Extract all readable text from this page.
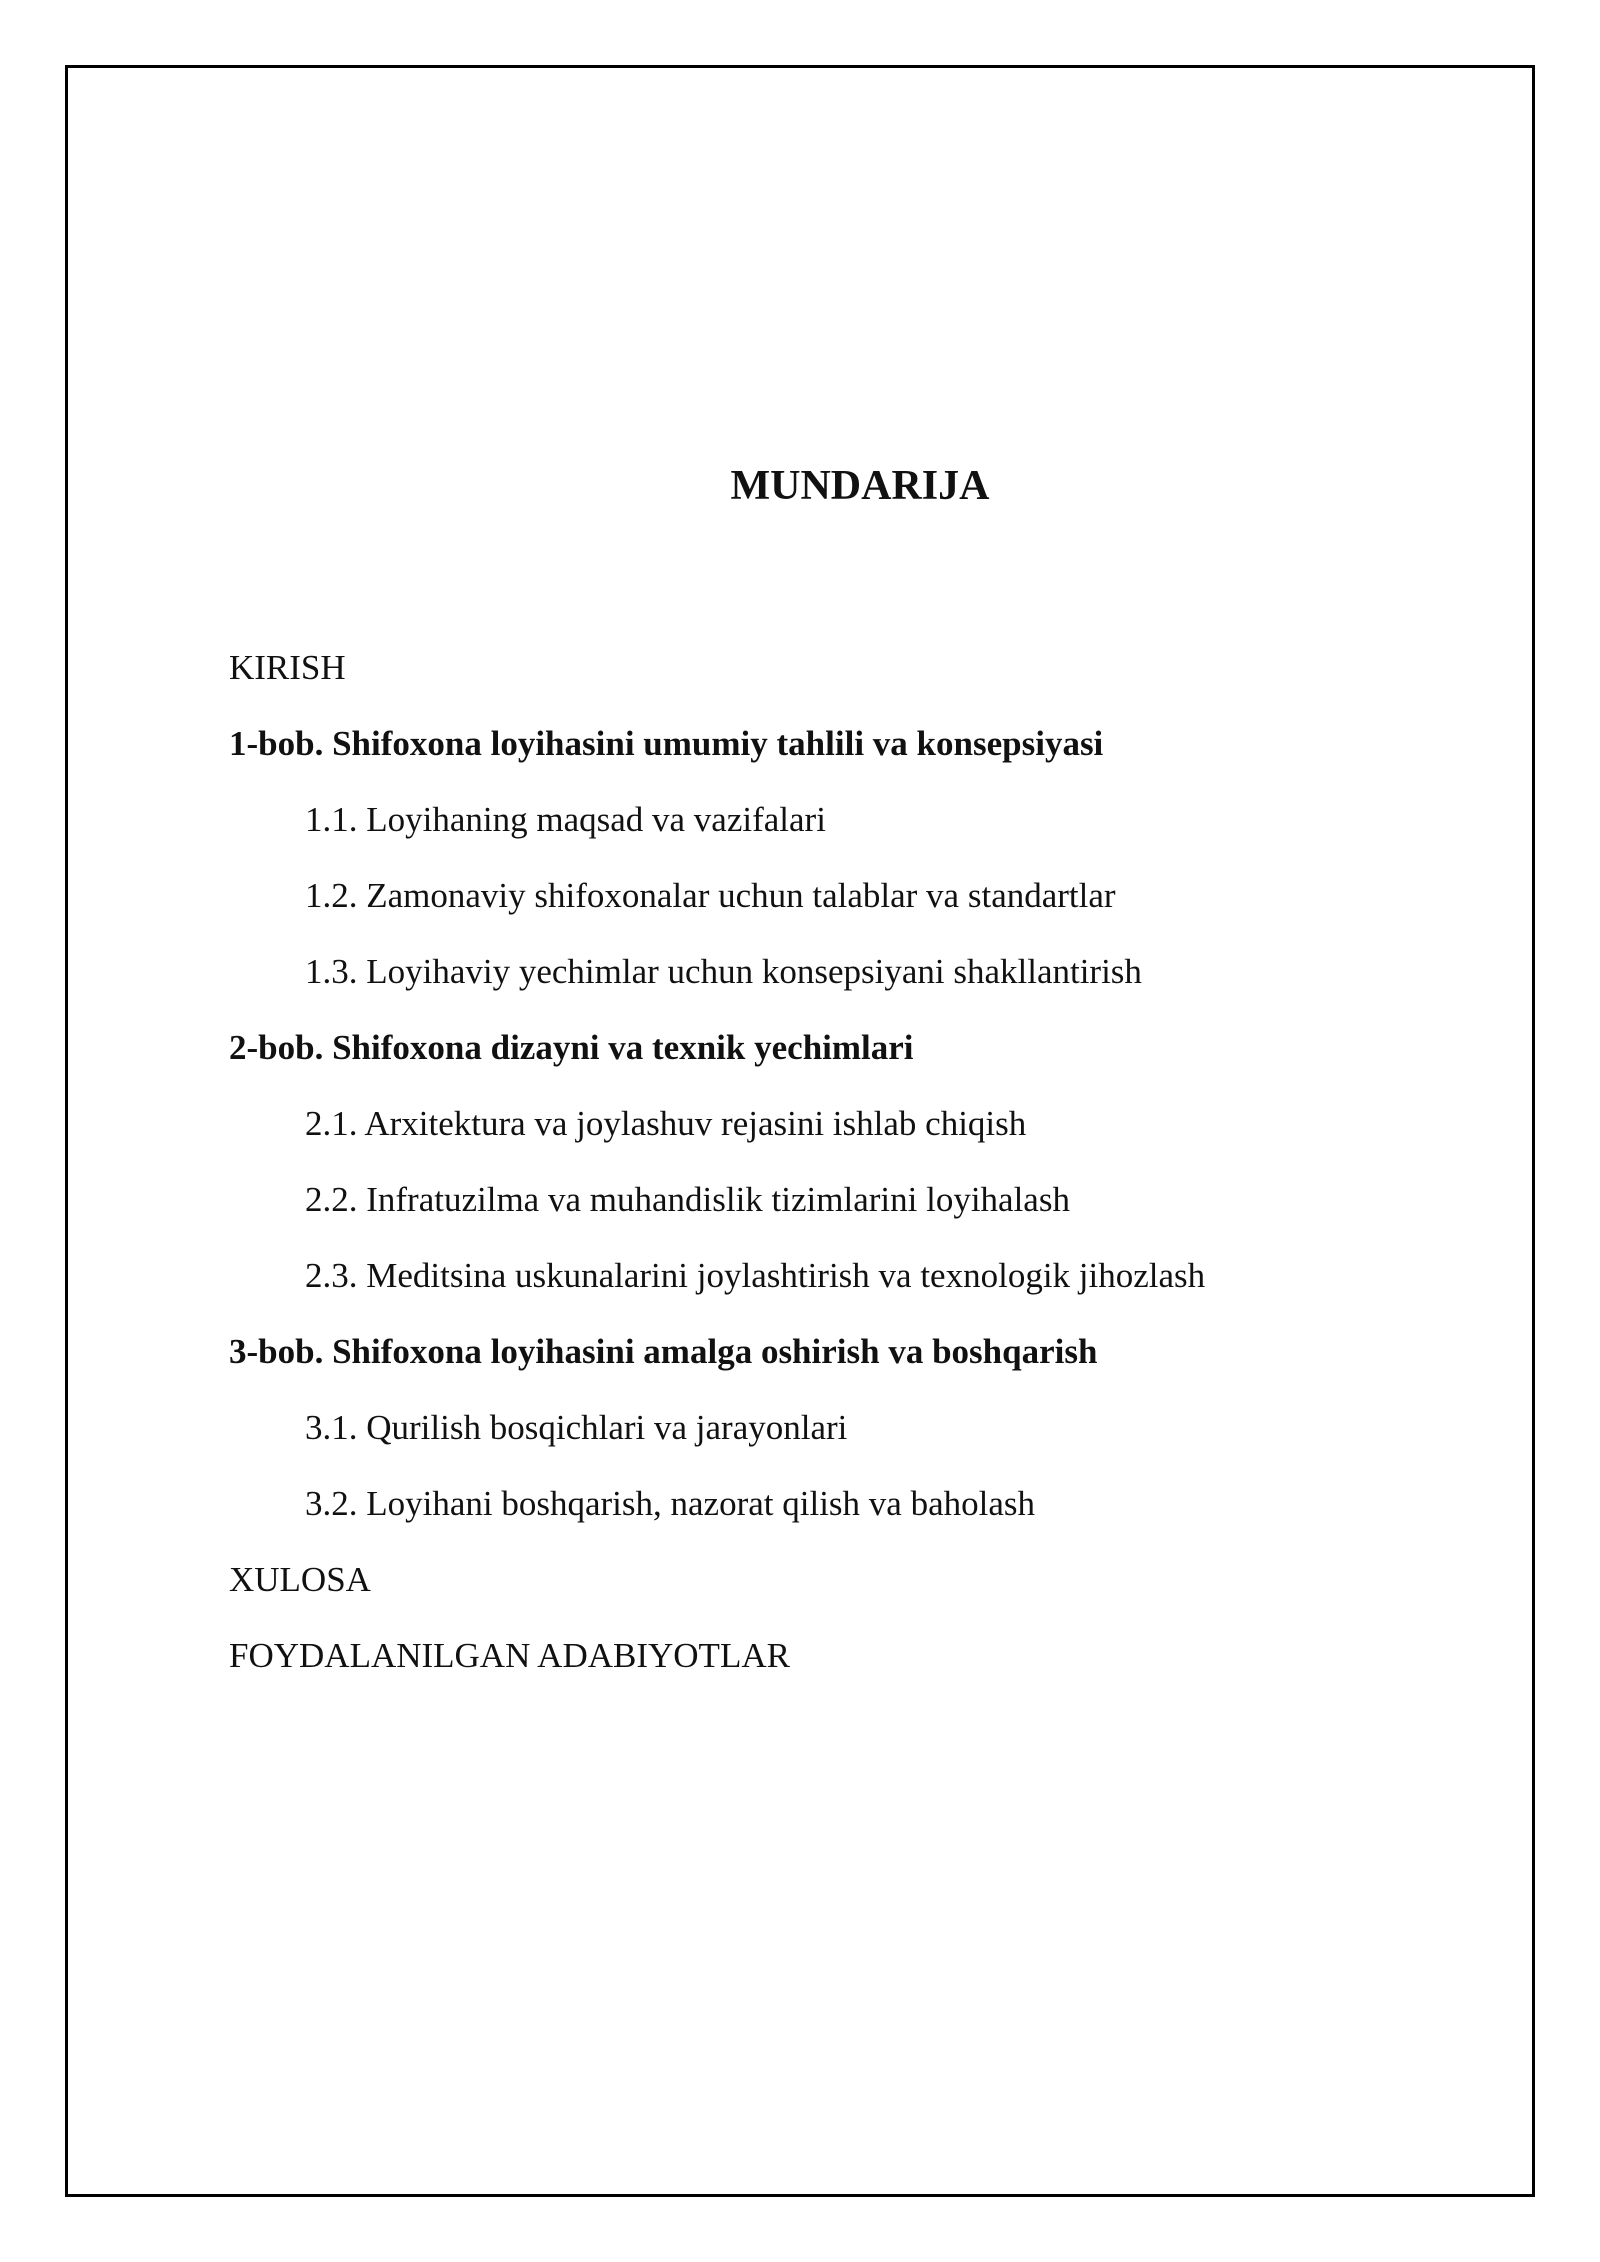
MUNDARIJA
KIRISH
1-bob. Shifoxona loyihasini umumiy tahlili va konsepsiyasi
1.1. Loyihaning maqsad va vazifalari
1.2. Zamonaviy shifoxonalar uchun talablar va standartlar
1.3. Loyihaviy yechimlar uchun konsepsiyani shakllantirish
2-bob. Shifoxona dizayni va texnik yechimlari
2.1. Arxitektura va joylashuv rejasini ishlab chiqish
2.2. Infratuzilma va muhandislik tizimlarini loyihalash
2.3. Meditsina uskunalarini joylashtirish va texnologik jihozlash
3-bob. Shifoxona loyihasini amalga oshirish va boshqarish
3.1. Qurilish bosqichlari va jarayonlari
3.2. Loyihani boshqarish, nazorat qilish va baholash
XULOSA
FOYDALANILGAN ADABIYOTLAR
